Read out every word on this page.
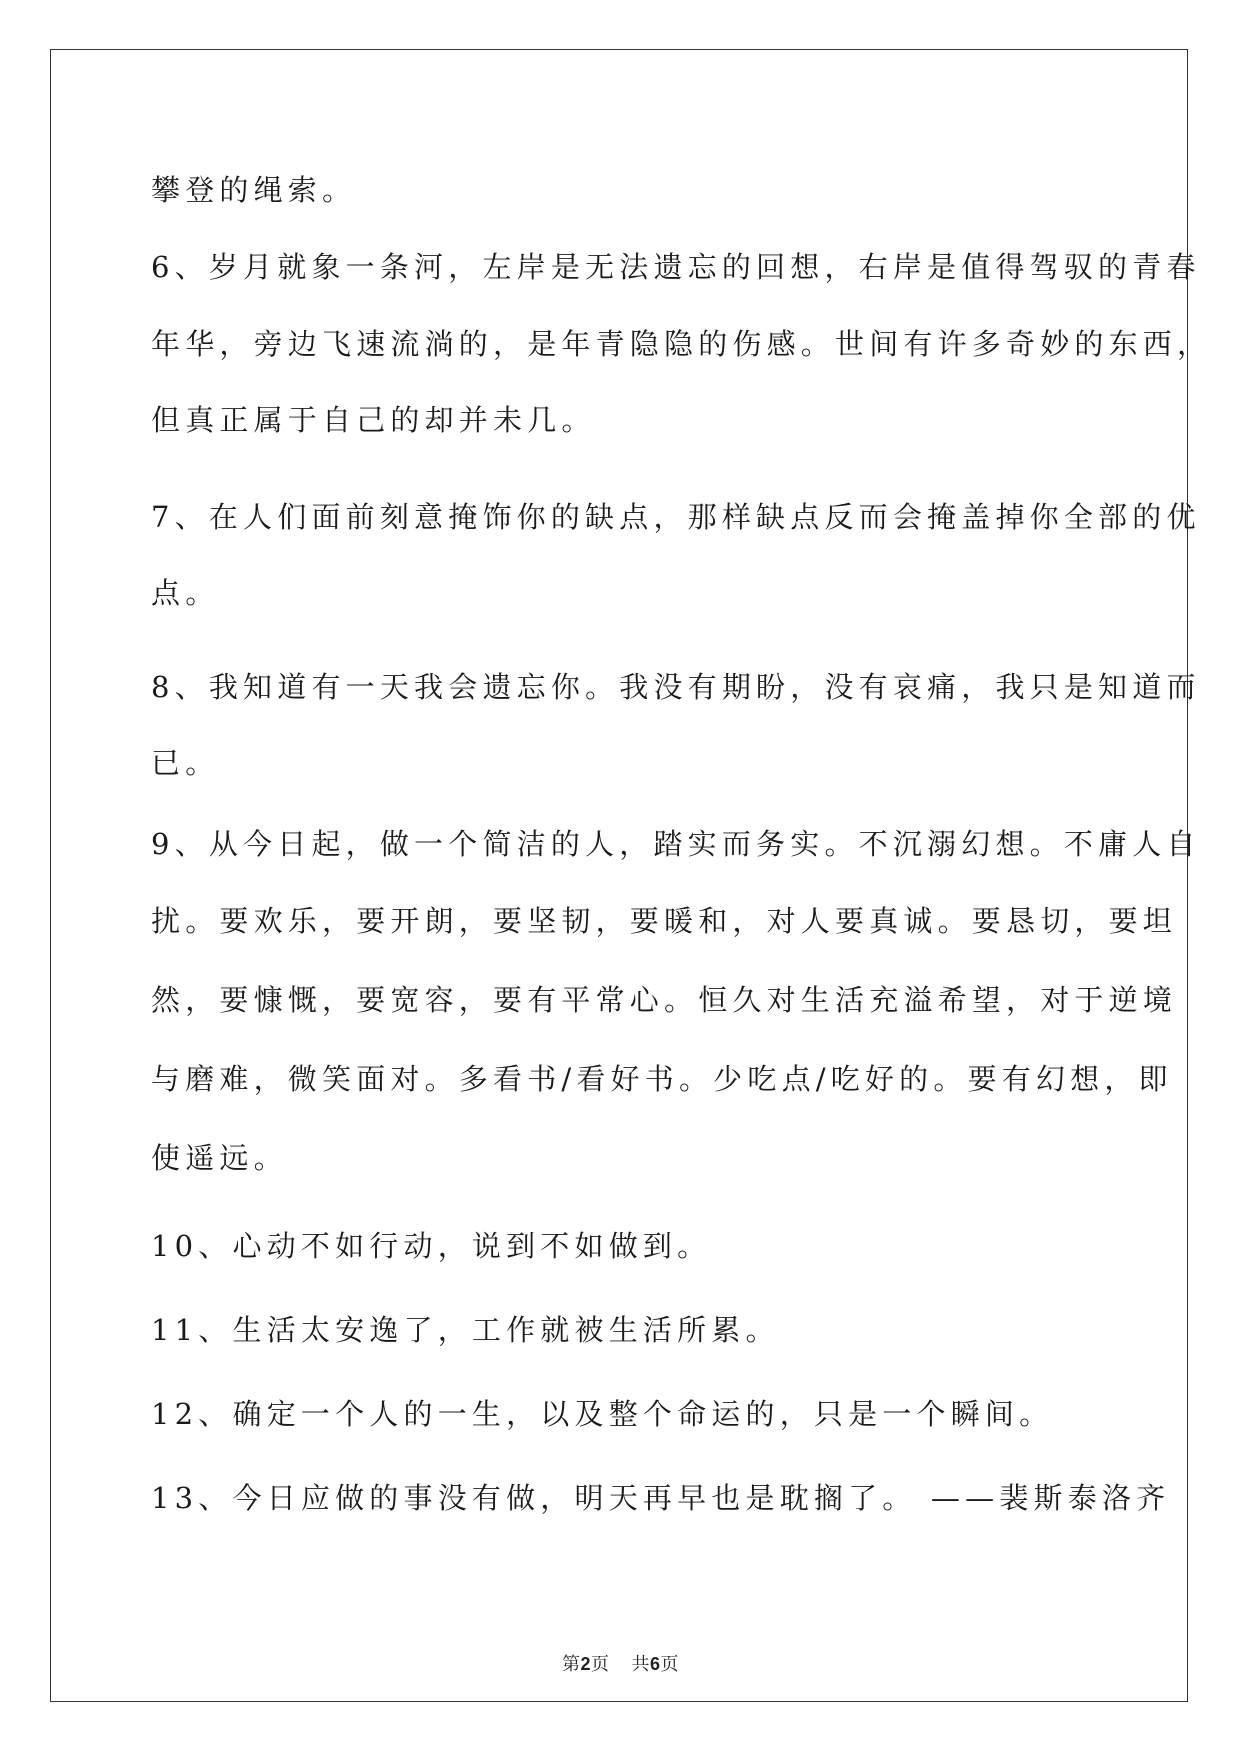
攀登的绳索。
6、岁月就象一条河，左岸是无法遗忘的回想，右岸是值得驾驭的青春
年华，旁边飞速流淌的，是年青隐隐的伤感。世间有许多奇妙的东西，
但真正属于自己的却并未几。
7、在人们面前刻意掩饰你的缺点，那样缺点反而会掩盖掉你全部的优
点。
8、我知道有一天我会遗忘你。我没有期盼，没有哀痛，我只是知道而
已。
9、从今日起，做一个简洁的人，踏实而务实。不沉溺幻想。不庸人自
扰。要欢乐，要开朗，要坚韧，要暖和，对人要真诚。要恳切，要坦
然，要慷慨，要宽容，要有平常心。恒久对生活充溢希望，对于逆境
与磨难，微笑面对。多看书/看好书。少吃点/吃好的。要有幻想，即
使遥远。
10、心动不如行动，说到不如做到。
11、生活太安逸了，工作就被生活所累。
12、确定一个人的一生，以及整个命运的，只是一个瞬间。
13、今日应做的事没有做，明天再早也是耽搁了。 ——裴斯泰洛齐
第2页 共6页
